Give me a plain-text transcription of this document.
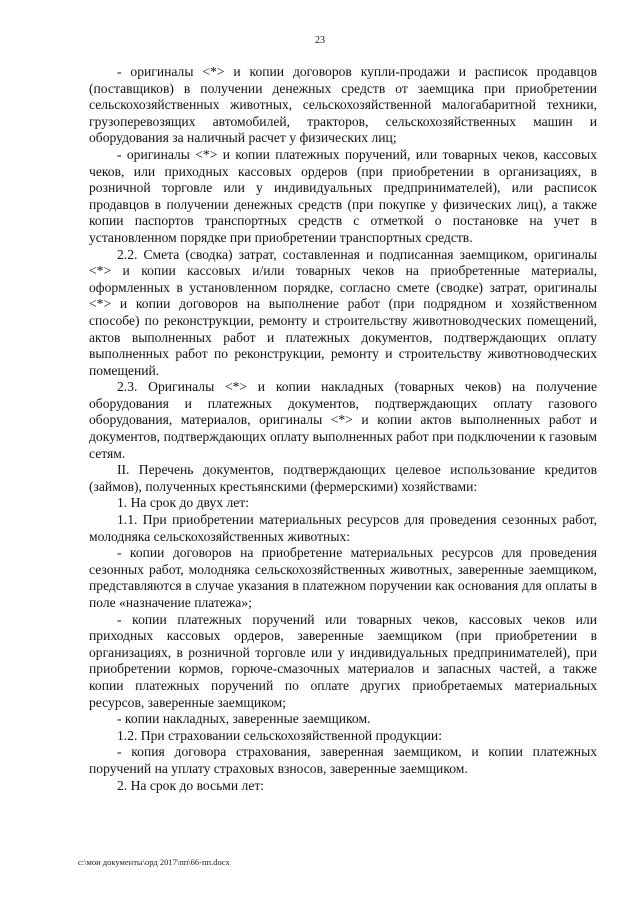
23

- оригиналы <*> и копии договоров купли-продажи и расписок продавцов (поставщиков) в получении денежных средств от заемщика при приобретении сельскохозяйственных животных, сельскохозяйственной малогабаритной техники, грузоперевозящих автомобилей, тракторов, сельскохозяйственных машин и оборудования за наличный расчет у физических лиц;

- оригиналы <*> и копии платежных поручений, или товарных чеков, кассовых чеков, или приходных кассовых ордеров (при приобретении в организациях, в розничной торговле или у индивидуальных предпринимателей), или расписок продавцов в получении денежных средств (при покупке у физических лиц), а также копии паспортов транспортных средств с отметкой о постановке на учет в установленном порядке при приобретении транспортных средств.

2.2. Смета (сводка) затрат, составленная и подписанная заемщиком, оригиналы <*> и копии кассовых и/или товарных чеков на приобретенные материалы, оформленных в установленном порядке, согласно смете (сводке) затрат, оригиналы <*> и копии договоров на выполнение работ (при подрядном и хозяйственном способе) по реконструкции, ремонту и строительству животноводческих помещений, актов выполненных работ и платежных документов, подтверждающих оплату выполненных работ по реконструкции, ремонту и строительству животноводческих помещений.

2.3. Оригиналы <*> и копии накладных (товарных чеков) на получение оборудования и платежных документов, подтверждающих оплату газового оборудования, материалов, оригиналы <*> и копии актов выполненных работ и документов, подтверждающих оплату выполненных работ при подключении к газовым сетям.

II. Перечень документов, подтверждающих целевое использование кредитов (займов), полученных крестьянскими (фермерскими) хозяйствами:

1. На срок до двух лет:

1.1. При приобретении материальных ресурсов для проведения сезонных работ, молодняка сельскохозяйственных животных:

- копии договоров на приобретение материальных ресурсов для проведения сезонных работ, молодняка сельскохозяйственных животных, заверенные заемщиком, представляются в случае указания в платежном поручении как основания для оплаты в поле «назначение платежа»;

- копии платежных поручений или товарных чеков, кассовых чеков или приходных кассовых ордеров, заверенные заемщиком (при приобретении в организациях, в розничной торговле или у индивидуальных предпринимателей), при приобретении кормов, горюче-смазочных материалов и запасных частей, а также копии платежных поручений по оплате других приобретаемых материальных ресурсов, заверенные заемщиком;

- копии накладных, заверенные заемщиком.

1.2. При страховании сельскохозяйственной продукции:

- копия договора страхования, заверенная заемщиком, и копии платежных поручений на уплату страховых взносов, заверенные заемщиком.

2. На срок до восьми лет:

c:\мои документы\орд 2017\пп\66-пп.docx
